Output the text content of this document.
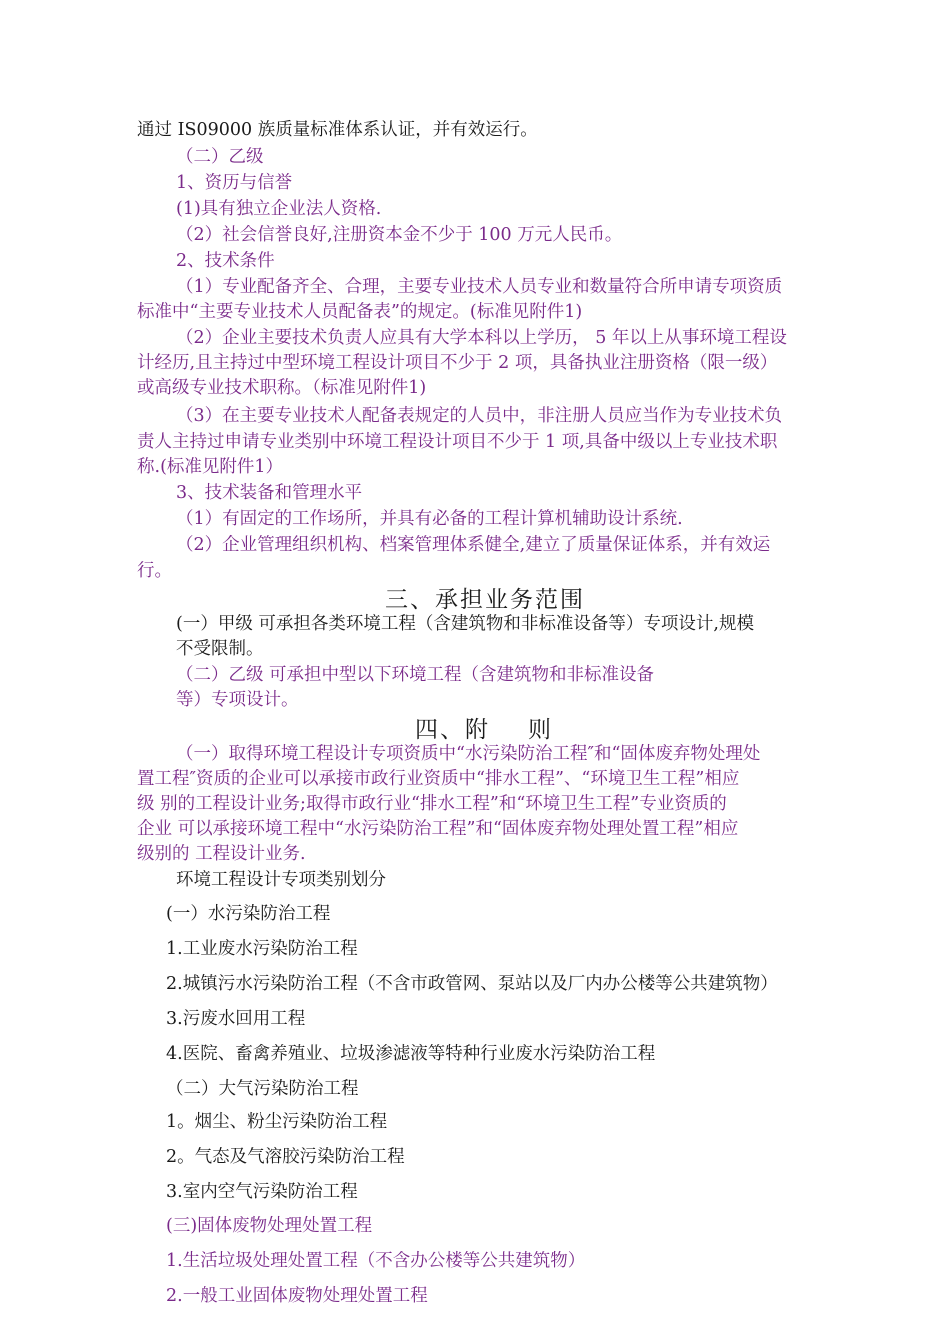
通过 IS09000 族质量标准体系认证，并有效运行。
（二）乙级
1、资历与信誉
(1)具有独立企业法人资格.
（2）社会信誉良好,注册资本金不少于 100 万元人民币。
2、技术条件
（1）专业配备齐全、合理，主要专业技术人员专业和数量符合所申请专项资质
标准中“主要专业技术人员配备表”的规定。(标准见附件1)
（2）企业主要技术负责人应具有大学本科以上学历， 5 年以上从事环境工程设
计经历,且主持过中型环境工程设计项目不少于 2 项，具备执业注册资格（限一级）
或高级专业技术职称。（标准见附件1)
（3）在主要专业技术人配备表规定的人员中，非注册人员应当作为专业技术负
责人主持过申请专业类别中环境工程设计项目不少于 1 项,具备中级以上专业技术职
称.(标准见附件1）
3、技术装备和管理水平
（1）有固定的工作场所，并具有必备的工程计算机辅助设计系统.
（2）企业管理组织机构、档案管理体系健全,建立了质量保证体系，并有效运
行。
三、承担业务范围
(一）甲级 可承担各类环境工程（含建筑物和非标准设备等）专项设计,规模
不受限制。
（二）乙级 可承担中型以下环境工程（含建筑物和非标准设备
等）专项设计。
四、附 则
（一）取得环境工程设计专项资质中“水污染防治工程″和“固体废弃物处理处
置工程″资质的企业可以承接市政行业资质中“排水工程”、“环境卫生工程”相应
级 别的工程设计业务;取得市政行业“排水工程”和“环境卫生工程”专业资质的
企业 可以承接环境工程中“水污染防治工程”和“固体废弃物处理处置工程”相应
级别的 工程设计业务.
环境工程设计专项类别划分
(一）水污染防治工程
1.工业废水污染防治工程
2.城镇污水污染防治工程（不含市政管网、泵站以及厂内办公楼等公共建筑物）
3.污废水回用工程
4.医院、畜禽养殖业、垃圾渗滤液等特种行业废水污染防治工程
（二）大气污染防治工程
1。烟尘、粉尘污染防治工程
2。气态及气溶胶污染防治工程
3.室内空气污染防治工程
(三)固体废物处理处置工程
1.生活垃圾处理处置工程（不含办公楼等公共建筑物）
2.一般工业固体废物处理处置工程
